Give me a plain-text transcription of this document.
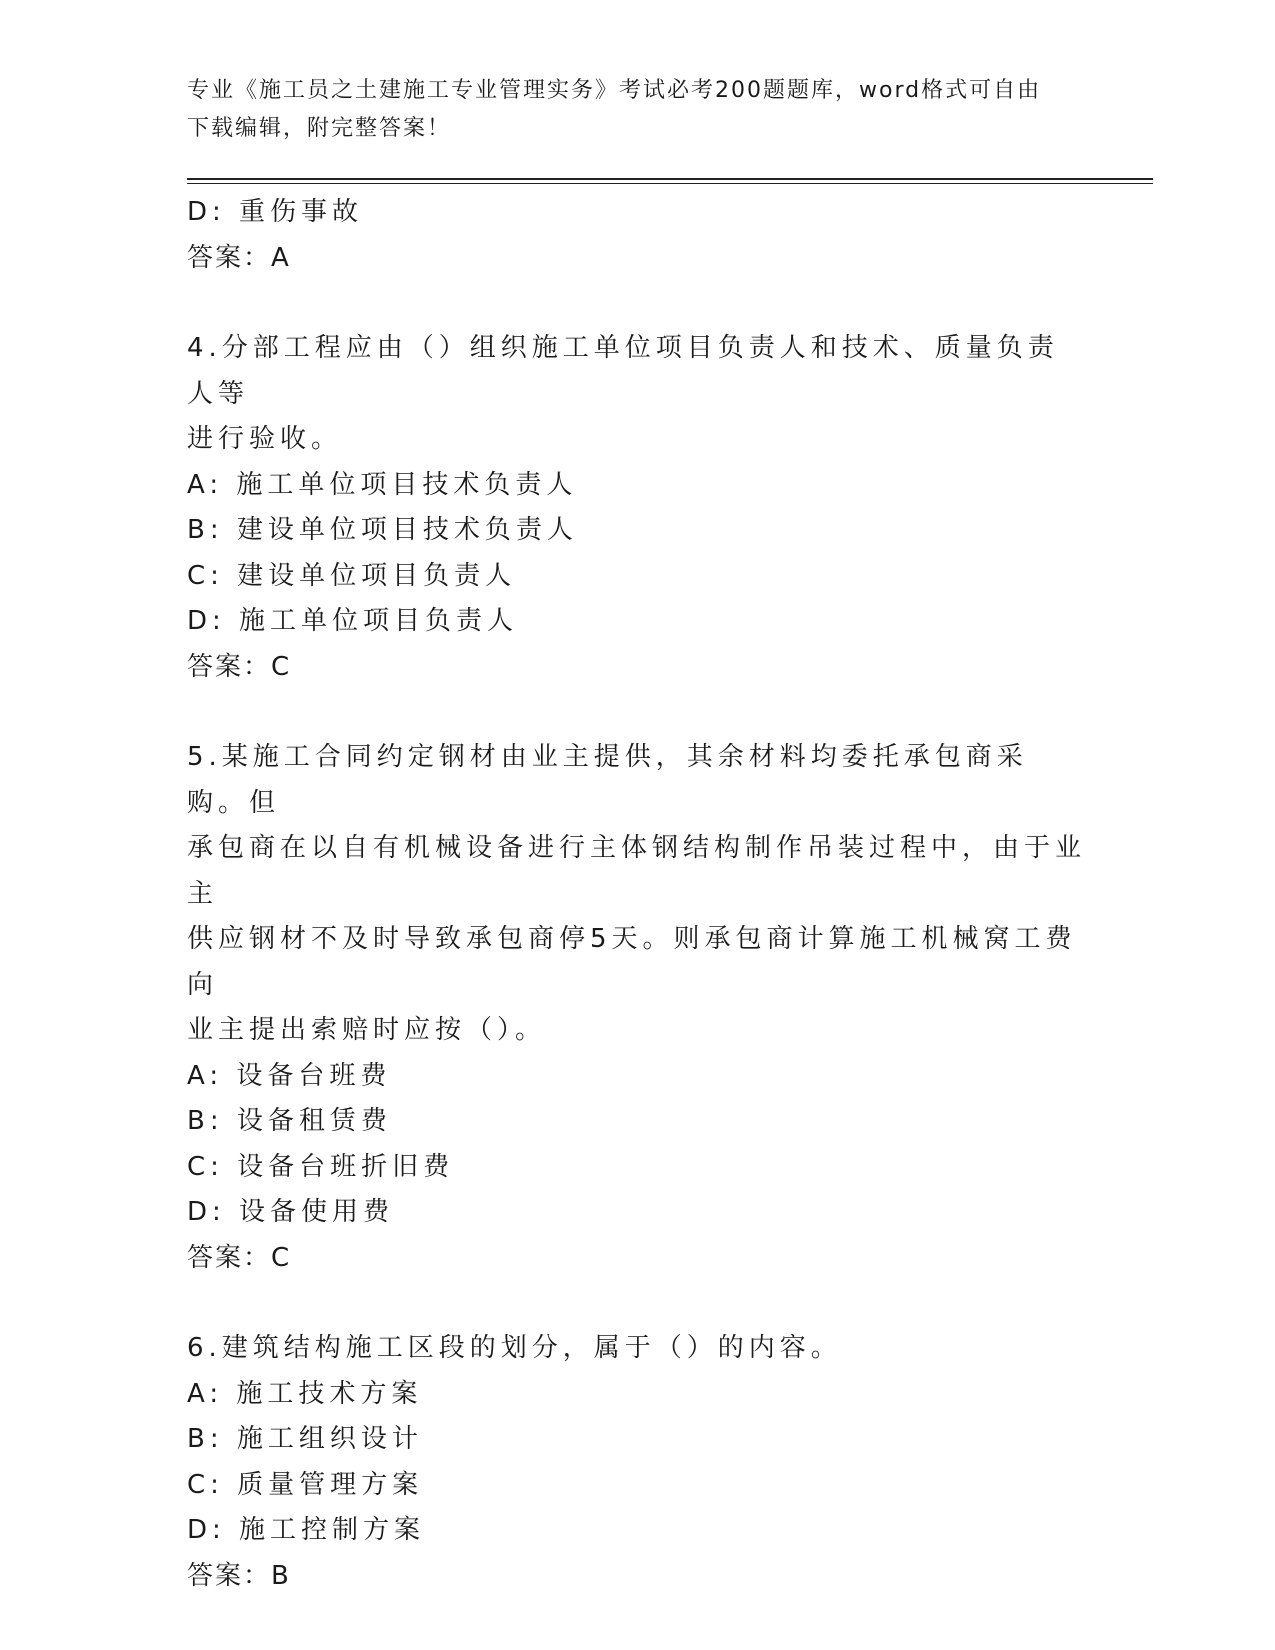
专业《施工员之土建施工专业管理实务》考试必考200题题库，word格式可自由
下载编辑，附完整答案！
D: 重伤事故
答案：A
4.分部工程应由（）组织施工单位项目负责人和技术、质量负责人等
进行验收。
A: 施工单位项目技术负责人
B: 建设单位项目技术负责人
C: 建设单位项目负责人
D: 施工单位项目负责人
答案：C
5.某施工合同约定钢材由业主提供，其余材料均委托承包商采购。但
承包商在以自有机械设备进行主体钢结构制作吊装过程中，由于业主
供应钢材不及时导致承包商停5天。则承包商计算施工机械窝工费向
业主提出索赔时应按（）。
A: 设备台班费
B: 设备租赁费
C: 设备台班折旧费
D: 设备使用费
答案：C
6.建筑结构施工区段的划分，属于（）的内容。
A: 施工技术方案
B: 施工组织设计
C: 质量管理方案
D: 施工控制方案
答案：B
